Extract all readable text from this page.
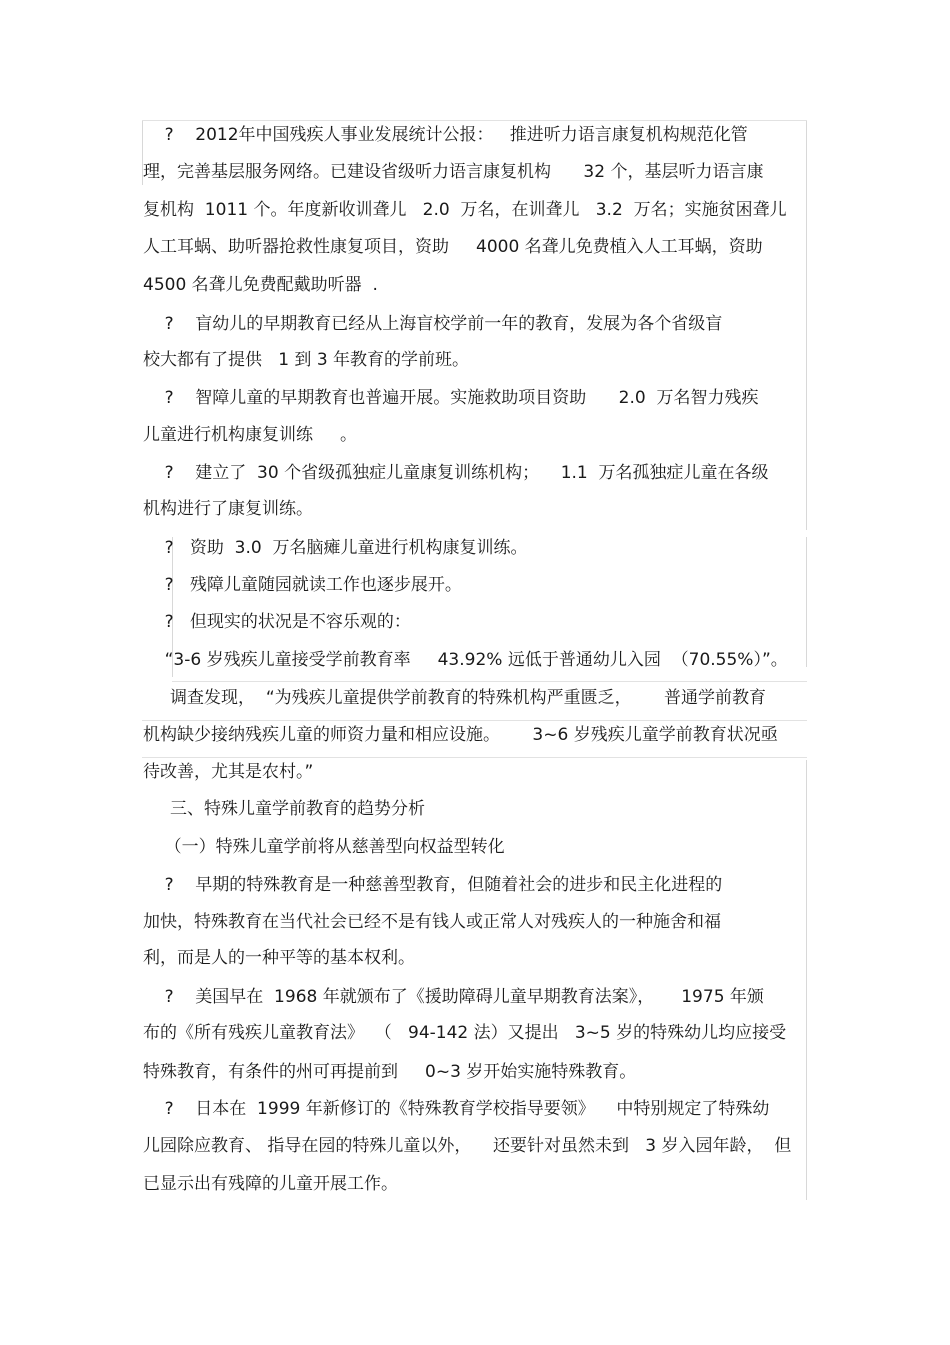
?    2012年中国残疾人事业发展统计公报：   推进听力语言康复机构规范化管
理，完善基层服务网络。已建设省级听力语言康复机构      32 个，基层听力语言康
复机构  1011 个。年度新收训聋儿   2.0  万名，在训聋儿   3.2  万名；实施贫困聋儿
人工耳蜗、助听器抢救性康复项目，资助     4000 名聋儿免费植入人工耳蜗，资助
4500 名聋儿免费配戴助听器  .
?    盲幼儿的早期教育已经从上海盲校学前一年的教育，发展为各个省级盲
校大都有了提供   1 到 3 年教育的学前班。
?    智障儿童的早期教育也普遍开展。实施救助项目资助      2.0  万名智力残疾
儿童进行机构康复训练     。
?    建立了  30 个省级孤独症儿童康复训练机构；    1.1  万名孤独症儿童在各级
机构进行了康复训练。
?   资助  3.0  万名脑瘫儿童进行机构康复训练。
?   残障儿童随园就读工作也逐步展开。
?   但现实的状况是不容乐观的：
“3-6 岁残疾儿童接受学前教育率     43.92% 远低于普通幼儿入园  （70.55%）”。
调查发现，  “为残疾儿童提供学前教育的特殊机构严重匮乏，      普通学前教育
机构缺少接纳残疾儿童的师资力量和相应设施。      3~6 岁残疾儿童学前教育状况亟
待改善，尤其是农村。”
三、特殊儿童学前教育的趋势分析
（一）特殊儿童学前将从慈善型向权益型转化
?    早期的特殊教育是一种慈善型教育，但随着社会的进步和民主化进程的
加快，特殊教育在当代社会已经不是有钱人或正常人对残疾人的一种施舍和福
利，而是人的一种平等的基本权利。
?    美国早在  1968 年就颁布了《援助障碍儿童早期教育法案》，     1975 年颁
布的《所有残疾儿童教育法》  （   94-142 法）又提出   3~5 岁的特殊幼儿均应接受
特殊教育，有条件的州可再提前到     0~3 岁开始实施特殊教育。
?    日本在  1999 年新修订的《特殊教育学校指导要领》    中特别规定了特殊幼
儿园除应教育、 指导在园的特殊儿童以外，    还要针对虽然未到   3 岁入园年龄，  但
已显示出有残障的儿童开展工作。
